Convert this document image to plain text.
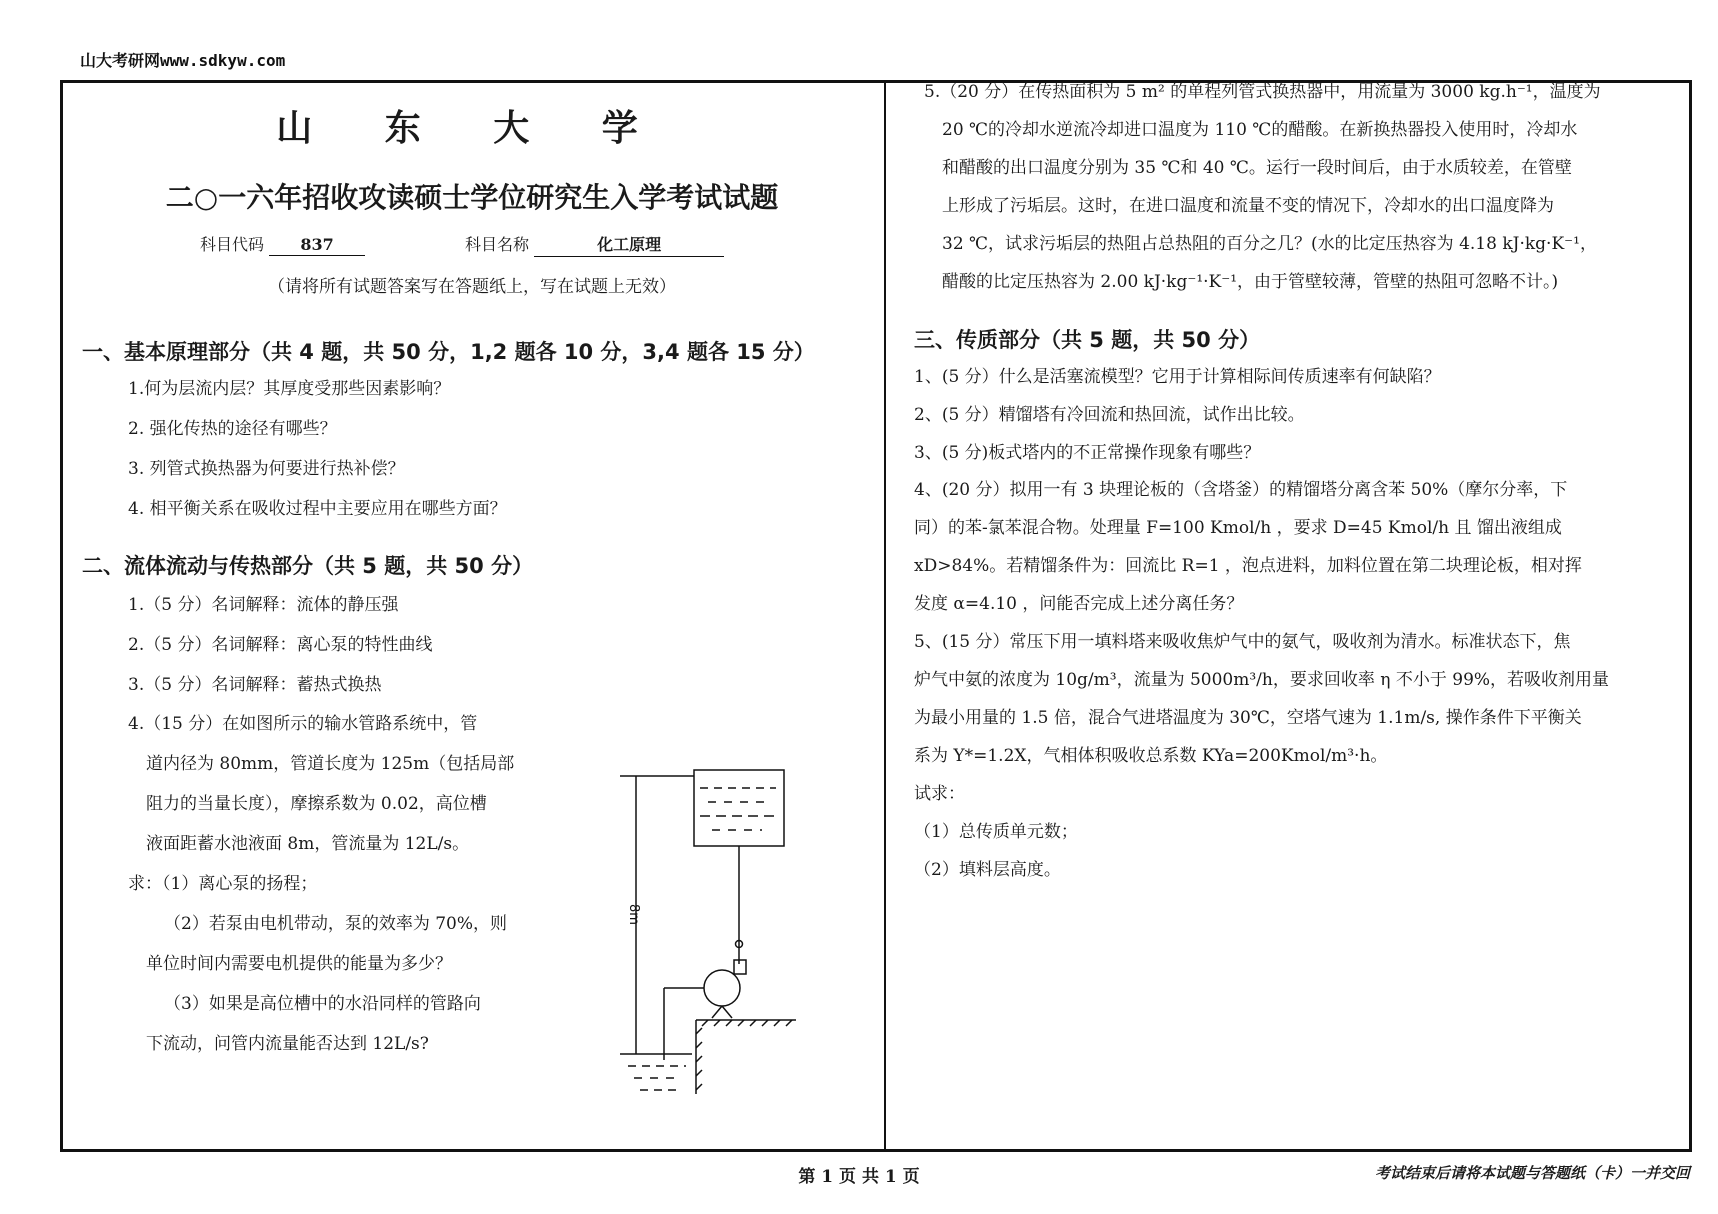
山大考研网www.sdkyw.com
山 东 大 学
二○一六年招收攻读硕士学位研究生入学考试试题
科目代码 837	科目名称	化工原理
（请将所有试题答案写在答题纸上，写在试题上无效）
一、基本原理部分（共 4 题，共 50 分，1,2 题各 10 分，3,4 题各 15 分）
1.何为层流内层？其厚度受那些因素影响？
2. 强化传热的途径有哪些？
3. 列管式换热器为何要进行热补偿？
4. 相平衡关系在吸收过程中主要应用在哪些方面？
二、流体流动与传热部分（共 5 题，共 50 分）
1.（5 分）名词解释：流体的静压强
2.（5 分）名词解释：离心泵的特性曲线
3.（5 分）名词解释：蓄热式换热
4.（15 分）在如图所示的输水管路系统中，管
道内径为 80mm，管道长度为 125m（包括局部
阻力的当量长度），摩擦系数为 0.02，高位槽
液面距蓄水池液面 8m，管流量为 12L/s。
求：（1）离心泵的扬程；
（2）若泵由电机带动，泵的效率为 70%，则
单位时间内需要电机提供的能量为多少？
（3）如果是高位槽中的水沿同样的管路向
下流动，问管内流量能否达到 12L/s?
8m
5.（20 分）在传热面积为 5 m² 的单程列管式换热器中，用流量为 3000 kg.h⁻¹，温度为
20 ℃的冷却水逆流冷却进口温度为 110 ℃的醋酸。在新换热器投入使用时，冷却水
和醋酸的出口温度分别为 35 ℃和 40 ℃。运行一段时间后，由于水质较差，在管壁
上形成了污垢层。这时，在进口温度和流量不变的情况下，冷却水的出口温度降为
32 ℃，试求污垢层的热阻占总热阻的百分之几？(水的比定压热容为 4.18 kJ·kg·K⁻¹，
醋酸的比定压热容为 2.00 kJ·kg⁻¹·K⁻¹，由于管壁较薄，管壁的热阻可忽略不计。)
三、传质部分（共 5 题，共 50 分）
1、(5 分）什么是活塞流模型？它用于计算相际间传质速率有何缺陷？
2、(5 分）精馏塔有冷回流和热回流，试作出比较。
3、(5 分)板式塔内的不正常操作现象有哪些？
4、(20 分）拟用一有 3 块理论板的（含塔釜）的精馏塔分离含苯 50%（摩尔分率，下
同）的苯-氯苯混合物。处理量 F=100 Kmol/h ，要求 D=45 Kmol/h 且 馏出液组成
xD>84%。若精馏条件为：回流比 R=1 ，泡点进料，加料位置在第二块理论板，相对挥
发度 α=4.10 ，问能否完成上述分离任务？
5、(15 分）常压下用一填料塔来吸收焦炉气中的氨气，吸收剂为清水。标准状态下，焦
炉气中氨的浓度为 10g/m³，流量为 5000m³/h，要求回收率 η 不小于 99%，若吸收剂用量
为最小用量的 1.5 倍，混合气进塔温度为 30℃，空塔气速为 1.1m/s, 操作条件下平衡关
系为 Y*=1.2X，气相体积吸收总系数 KYa=200Kmol/m³·h。
试求：
（1）总传质单元数；
（2）填料层高度。
第 1 页 共 1 页	考试结束后请将本试题与答题纸（卡）一并交回
